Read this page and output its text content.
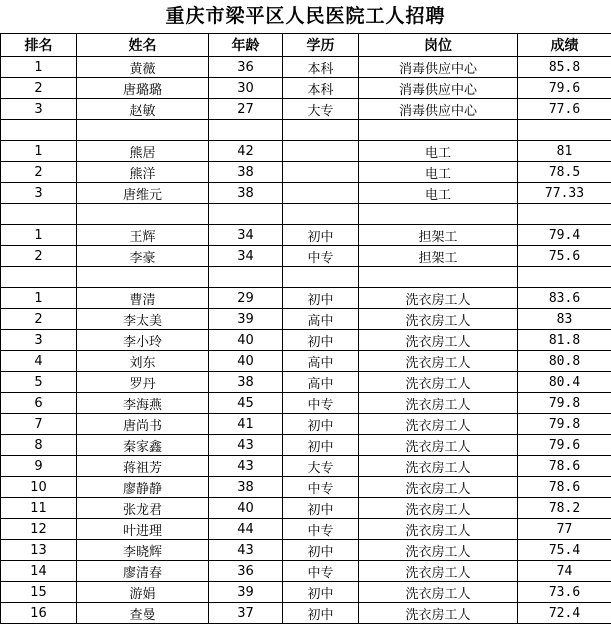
重庆市梁平区人民医院工人招聘
排名	姓名	年龄	学历	岗位	成绩
1	黄薇	36	本科	消毒供应中心	85.8
2	唐璐璐	30	本科	消毒供应中心	79.6
3	赵敏	27	大专	消毒供应中心	77.6

1	熊居	42		电工	81
2	熊洋	38		电工	78.5
3	唐维元	38		电工	77.33

1	王辉	34	初中	担架工	79.4
2	李豪	34	中专	担架工	75.6

1	曹清	29	初中	洗衣房工人	83.6
2	李太美	39	高中	洗衣房工人	83
3	李小玲	40	初中	洗衣房工人	81.8
4	刘东	40	高中	洗衣房工人	80.8
5	罗丹	38	高中	洗衣房工人	80.4
6	李海燕	45	中专	洗衣房工人	79.8
7	唐尚书	41	初中	洗衣房工人	79.8
8	秦家鑫	43	初中	洗衣房工人	79.6
9	蒋祖芳	43	大专	洗衣房工人	78.6
10	廖静静	38	中专	洗衣房工人	78.6
11	张龙君	40	初中	洗衣房工人	78.2
12	叶进理	44	中专	洗衣房工人	77
13	李晓辉	43	初中	洗衣房工人	75.4
14	廖清春	36	中专	洗衣房工人	74
15	游娟	39	初中	洗衣房工人	73.6
16	查曼	37	初中	洗衣房工人	72.4
